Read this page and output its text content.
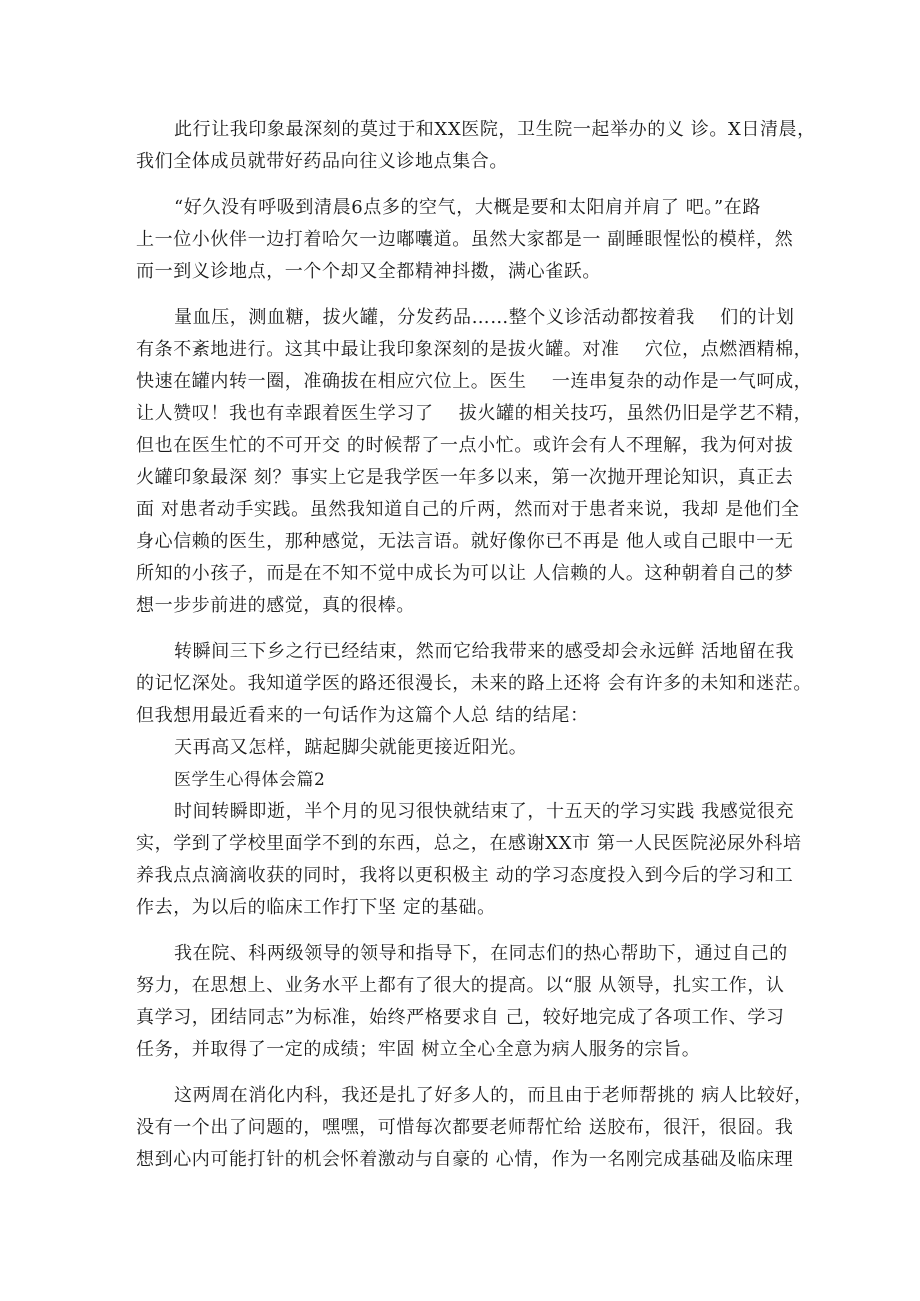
此行让我印象最深刻的莫过于和XX医院，卫生院一起举办的义 诊。X日清晨，
我们全体成员就带好药品向往义诊地点集合。
“好久没有呼吸到清晨6点多的空气，大概是要和太阳肩并肩了 吧。”在路
上一位小伙伴一边打着哈欠一边嘟囔道。虽然大家都是一 副睡眼惺忪的模样，然
而一到义诊地点，一个个却又全都精神抖擞，满心雀跃。
量血压，测血糖，拔火罐，分发药品……整个义诊活动都按着我    们的计划
有条不紊地进行。这其中最让我印象深刻的是拔火罐。对准    穴位，点燃酒精棉，
快速在罐内转一圈，准确拔在相应穴位上。医生    一连串复杂的动作是一气呵成，
让人赞叹！我也有幸跟着医生学习了    拔火罐的相关技巧，虽然仍旧是学艺不精，
但也在医生忙的不可开交 的时候帮了一点小忙。或许会有人不理解，我为何对拔
火罐印象最深 刻？事实上它是我学医一年多以来，第一次抛开理论知识，真正去
面 对患者动手实践。虽然我知道自己的斤两，然而对于患者来说，我却 是他们全
身心信赖的医生，那种感觉，无法言语。就好像你已不再是 他人或自己眼中一无
所知的小孩子，而是在不知不觉中成长为可以让 人信赖的人。这种朝着自己的梦
想一步步前进的感觉，真的很棒。
转瞬间三下乡之行已经结束，然而它给我带来的感受却会永远鲜 活地留在我
的记忆深处。我知道学医的路还很漫长，未来的路上还将 会有许多的未知和迷茫。
但我想用最近看来的一句话作为这篇个人总 结的结尾：
天再高又怎样，踮起脚尖就能更接近阳光。
医学生心得体会篇2
时间转瞬即逝，半个月的见习很快就结束了，十五天的学习实践 我感觉很充
实，学到了学校里面学不到的东西，总之，在感谢XX市 第一人民医院泌尿外科培
养我点点滴滴收获的同时，我将以更积极主 动的学习态度投入到今后的学习和工
作去，为以后的临床工作打下坚 定的基础。
我在院、科两级领导的领导和指导下，在同志们的热心帮助下，通过自己的
努力，在思想上、业务水平上都有了很大的提高。以“服 从领导，扎实工作，认
真学习，团结同志”为标准，始终严格要求自 己，较好地完成了各项工作、学习
任务，并取得了一定的成绩；牢固 树立全心全意为病人服务的宗旨。
这两周在消化内科，我还是扎了好多人的，而且由于老师帮挑的 病人比较好，
没有一个出了问题的，嘿嘿，可惜每次都要老师帮忙给 送胶布，很汗，很囧。我
想到心内可能打针的机会怀着激动与自豪的 心情，作为一名刚完成基础及临床理
